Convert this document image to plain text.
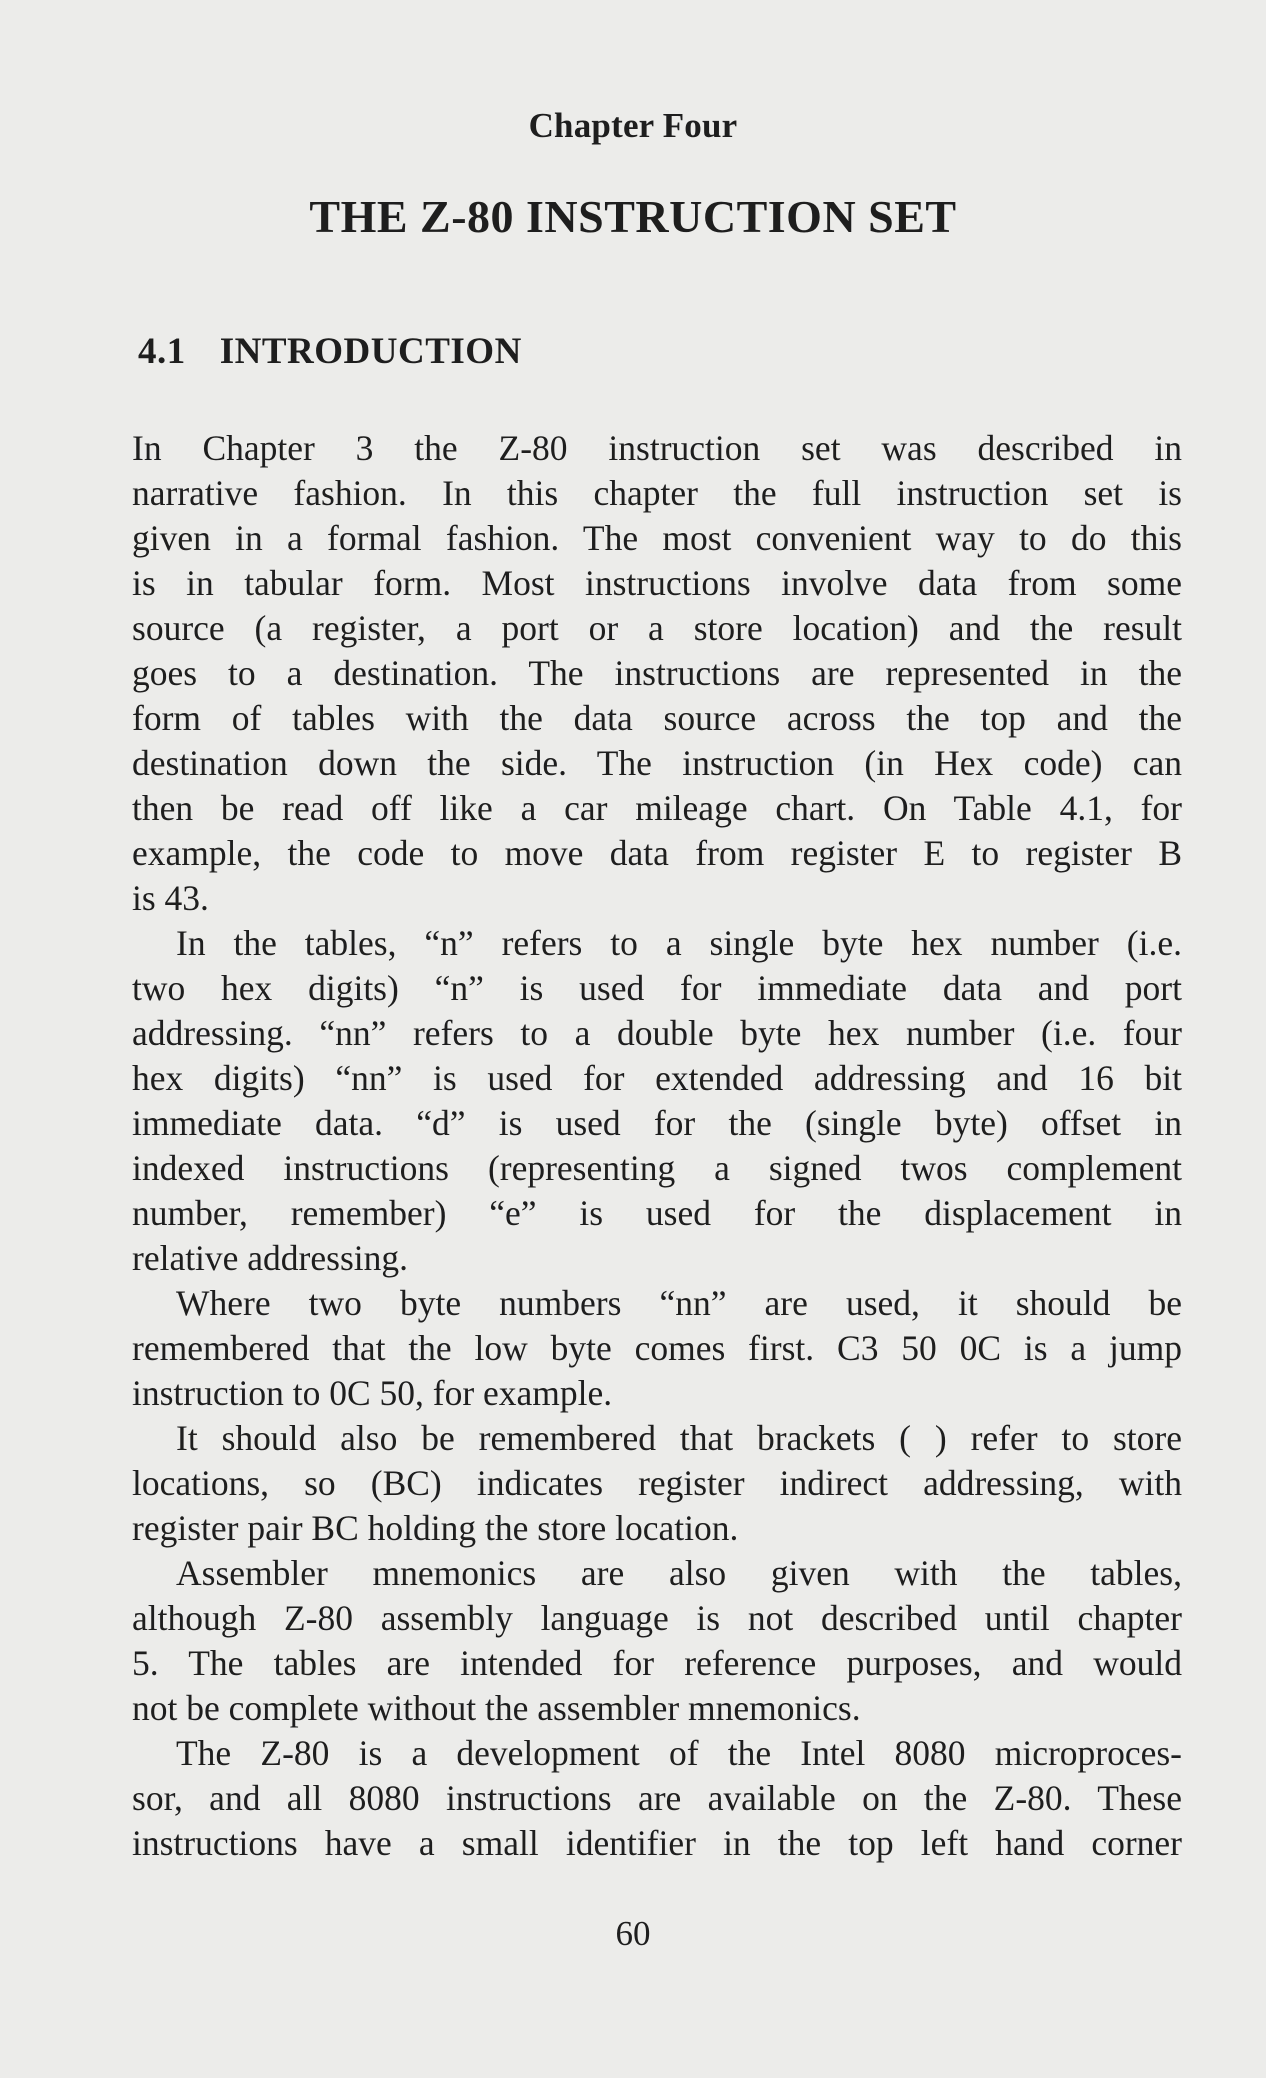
Chapter Four
THE Z-80 INSTRUCTION SET
4.1 INTRODUCTION
In Chapter 3 the Z-80 instruction set was described in
narrative fashion. In this chapter the full instruction set is
given in a formal fashion. The most convenient way to do this
is in tabular form. Most instructions involve data from some
source (a register, a port or a store location) and the result
goes to a destination. The instructions are represented in the
form of tables with the data source across the top and the
destination down the side. The instruction (in Hex code) can
then be read off like a car mileage chart. On Table 4.1, for
example, the code to move data from register E to register B
is 43.
In the tables, “n” refers to a single byte hex number (i.e.
two hex digits) “n” is used for immediate data and port
addressing. “nn” refers to a double byte hex number (i.e. four
hex digits) “nn” is used for extended addressing and 16 bit
immediate data. “d” is used for the (single byte) offset in
indexed instructions (representing a signed twos complement
number, remember) “e” is used for the displacement in
relative addressing.
Where two byte numbers “nn” are used, it should be
remembered that the low byte comes first. C3 50 0C is a jump
instruction to 0C 50, for example.
It should also be remembered that brackets ( ) refer to store
locations, so (BC) indicates register indirect addressing, with
register pair BC holding the store location.
Assembler mnemonics are also given with the tables,
although Z-80 assembly language is not described until chapter
5. The tables are intended for reference purposes, and would
not be complete without the assembler mnemonics.
The Z-80 is a development of the Intel 8080 microproces-
sor, and all 8080 instructions are available on the Z-80. These
instructions have a small identifier in the top left hand corner
60
